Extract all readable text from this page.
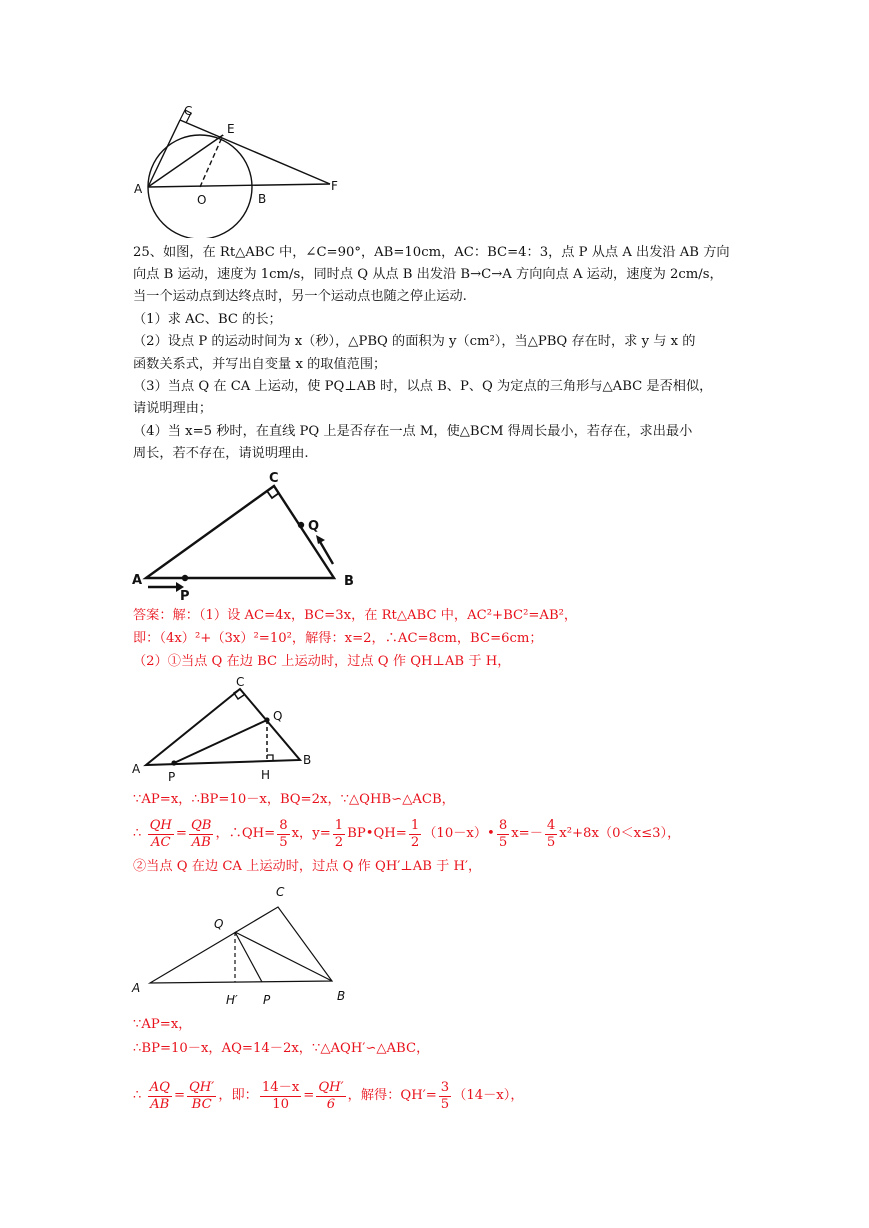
C
E
A
O	B
F
25、如图，在 Rt△ABC 中，∠C=90°，AB=10cm，AC：BC=4：3，点 P 从点 A 出发沿 AB 方向
向点 B 运动，速度为 1cm/s，同时点 Q 从点 B 出发沿 B→C→A 方向向点 A 运动，速度为 2cm/s，
当一个运动点到达终点时，另一个运动点也随之停止运动.
（1）求 AC、BC 的长；
（2）设点 P 的运动时间为 x（秒），△PBQ 的面积为 y（cm²），当△PBQ 存在时，求 y 与 x 的
函数关系式，并写出自变量 x 的取值范围；
（3）当点 Q 在 CA 上运动，使 PQ⊥AB 时，以点 B、P、Q 为定点的三角形与△ABC 是否相似，
请说明理由；
（4）当 x=5 秒时，在直线 PQ 上是否存在一点 M，使△BCM 得周长最小，若存在，求出最小
周长，若不存在，请说明理由.
C
Q
A
P
B
答案：解：（1）设 AC=4x，BC=3x，在 Rt△ABC 中，AC²+BC²=AB²，
即：（4x）²+（3x）²=10²，解得：x=2，∴AC=8cm，BC=6cm；
（2）①当点 Q 在边 BC 上运动时，过点 Q 作 QH⊥AB 于 H，
C
Q
A
P	H
B
∵AP=x，∴BP=10－x，BQ=2x，∵△QHB∽△ACB，
∴ $\frac{QH}{AC} = \frac{QB}{AB}$ ，∴QH= $\frac{8}{5}$ x，$y= \frac{1}{2}$ BP•QH= $\frac{1}{2}$ （10－x）• $\frac{8}{5} x=- \frac{4}{5} x^2+8x(0<x\le 3)$，
②当点 Q 在边 CA 上运动时，过点 Q 作 QH′⊥AB 于 H′，
C
Q
A
H′ P	B
∵AP=x，
∴BP=10－x，AQ=14－2x，∵△AQH′∽△ABC，
∴ $\frac{AQ}{AB} = \frac{QH'}{BC}$ ，即： $\frac{14-x}{10} = \frac{QH'}{6}$ ，解得：$QH'= \frac{3}{5} (14-x)$，
